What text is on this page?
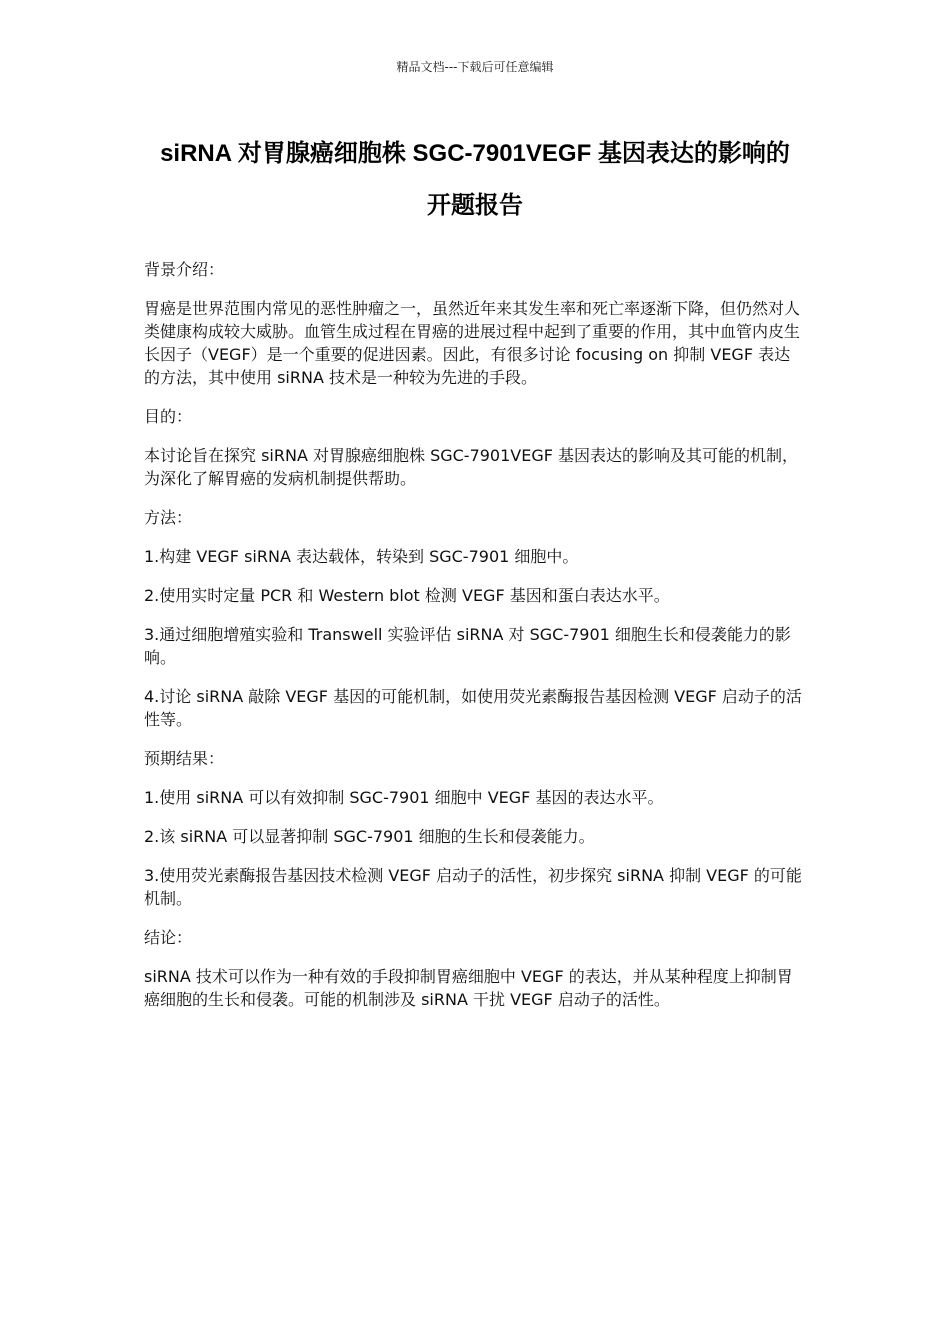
精品文档---下载后可任意编辑
siRNA 对胃腺癌细胞株 SGC-7901VEGF 基因表达的影响的
开题报告

背景介绍：

胃癌是世界范围内常见的恶性肿瘤之一，虽然近年来其发生率和死亡率逐渐下降，但仍然对人类健康构成较大威胁。血管生成过程在胃癌的进展过程中起到了重要的作用，其中血管内皮生长因子（VEGF）是一个重要的促进因素。因此，有很多讨论 focusing on 抑制 VEGF 表达的方法，其中使用 siRNA 技术是一种较为先进的手段。

目的：

本讨论旨在探究 siRNA 对胃腺癌细胞株 SGC-7901VEGF 基因表达的影响及其可能的机制，为深化了解胃癌的发病机制提供帮助。

方法：

1.构建 VEGF siRNA 表达载体，转染到 SGC-7901 细胞中。

2.使用实时定量 PCR 和 Western blot 检测 VEGF 基因和蛋白表达水平。

3.通过细胞增殖实验和 Transwell 实验评估 siRNA 对 SGC-7901 细胞生长和侵袭能力的影响。

4.讨论 siRNA 敲除 VEGF 基因的可能机制，如使用荧光素酶报告基因检测 VEGF 启动子的活性等。

预期结果：

1.使用 siRNA 可以有效抑制 SGC-7901 细胞中 VEGF 基因的表达水平。

2.该 siRNA 可以显著抑制 SGC-7901 细胞的生长和侵袭能力。

3.使用荧光素酶报告基因技术检测 VEGF 启动子的活性，初步探究 siRNA 抑制 VEGF 的可能机制。

结论：

siRNA 技术可以作为一种有效的手段抑制胃癌细胞中 VEGF 的表达，并从某种程度上抑制胃癌细胞的生长和侵袭。可能的机制涉及 siRNA 干扰 VEGF 启动子的活性。
